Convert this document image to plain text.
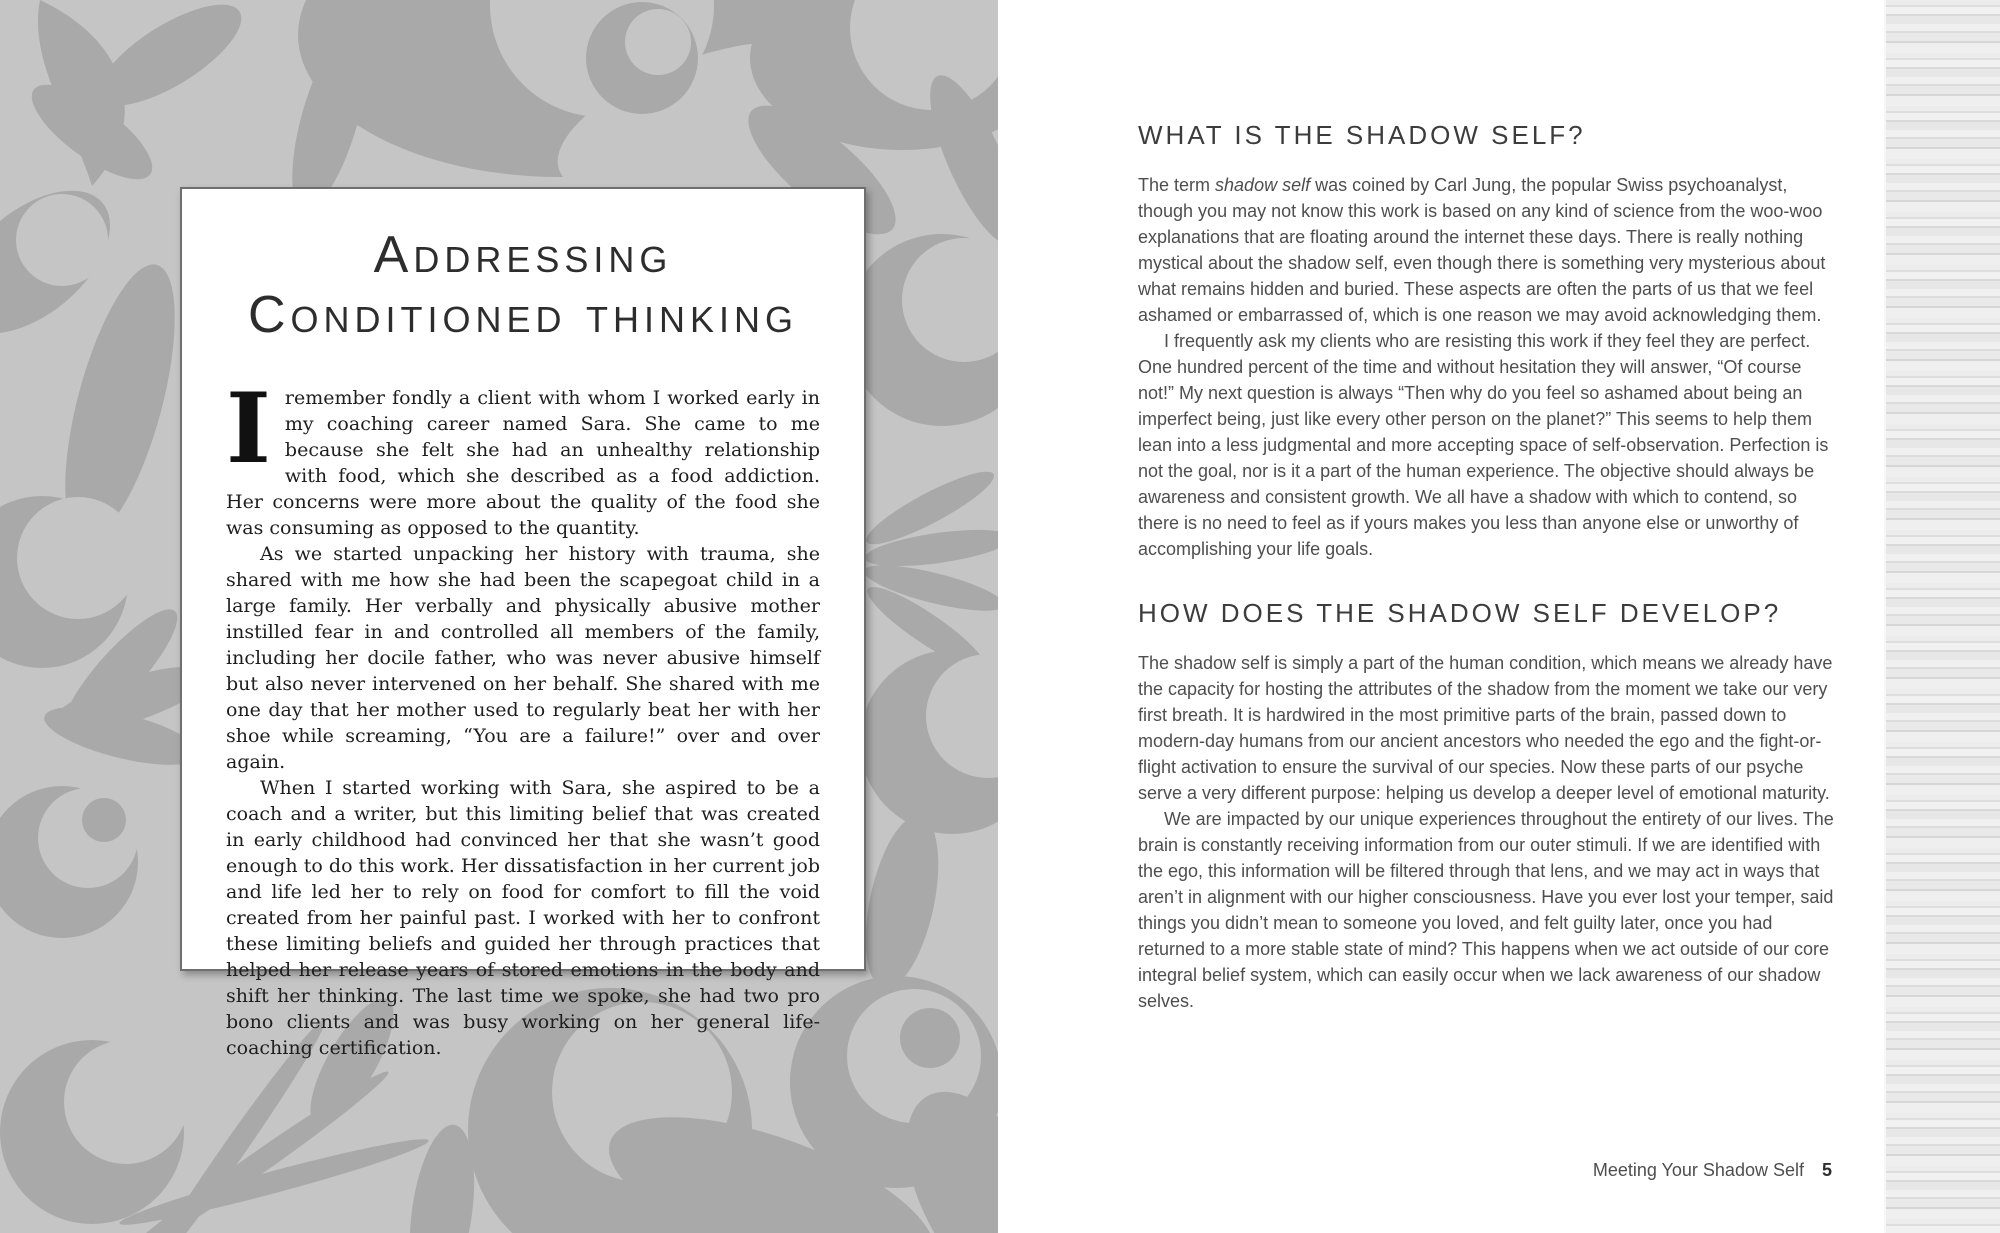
Addressing
Conditioned thinking

Iremember fondly a client with whom I worked early in my coaching career named Sara. She came to me because she felt she had an unhealthy relationship with food, which she described as a food addiction. Her concerns were more about the quality of the food she was consuming as opposed to the quantity.

As we started unpacking her history with trauma, she shared with me how she had been the scapegoat child in a large family. Her verbally and physically abusive mother instilled fear in and controlled all members of the family, including her docile father, who was never abusive himself but also never intervened on her behalf. She shared with me one day that her mother used to regularly beat her with her shoe while screaming, “You are a failure!” over and over again.

When I started working with Sara, she aspired to be a coach and a writer, but this limiting belief that was created in early childhood had convinced her that she wasn’t good enough to do this work. Her dissatisfaction in her current job and life led her to rely on food for comfort to fill the void created from her painful past. I worked with her to confront these limiting beliefs and guided her through practices that helped her release years of stored emotions in the body and shift her thinking. The last time we spoke, she had two pro bono clients and was busy working on her general life-coaching certification.

WHAT IS THE SHADOW SELF?

The term shadow self was coined by Carl Jung, the popular Swiss psychoanalyst, though you may not know this work is based on any kind of science from the woo-woo explanations that are floating around the internet these days. There is really nothing mystical about the shadow self, even though there is something very mysterious about what remains hidden and buried. These aspects are often the parts of us that we feel ashamed or embarrassed of, which is one reason we may avoid acknowledging them.

I frequently ask my clients who are resisting this work if they feel they are perfect. One hundred percent of the time and without hesitation they will answer, “Of course not!” My next question is always “Then why do you feel so ashamed about being an imperfect being, just like every other person on the planet?” This seems to help them lean into a less judgmental and more accepting space of self-observation. Perfection is not the goal, nor is it a part of the human experience. The objective should always be awareness and consistent growth. We all have a shadow with which to contend, so there is no need to feel as if yours makes you less than anyone else or unworthy of accomplishing your life goals.

HOW DOES THE SHADOW SELF DEVELOP?

The shadow self is simply a part of the human condition, which means we already have the capacity for hosting the attributes of the shadow from the moment we take our very first breath. It is hardwired in the most primitive parts of the brain, passed down to modern-day humans from our ancient ancestors who needed the ego and the fight-or-flight activation to ensure the survival of our species. Now these parts of our psyche serve a very different purpose: helping us develop a deeper level of emotional maturity.

We are impacted by our unique experiences throughout the entirety of our lives. The brain is constantly receiving information from our outer stimuli. If we are identified with the ego, this information will be filtered through that lens, and we may act in ways that aren’t in alignment with our higher consciousness. Have you ever lost your temper, said things you didn’t mean to someone you loved, and felt guilty later, once you had returned to a more stable state of mind? This happens when we act outside of our core integral belief system, which can easily occur when we lack awareness of our shadow selves.

Meeting Your Shadow Self 5
